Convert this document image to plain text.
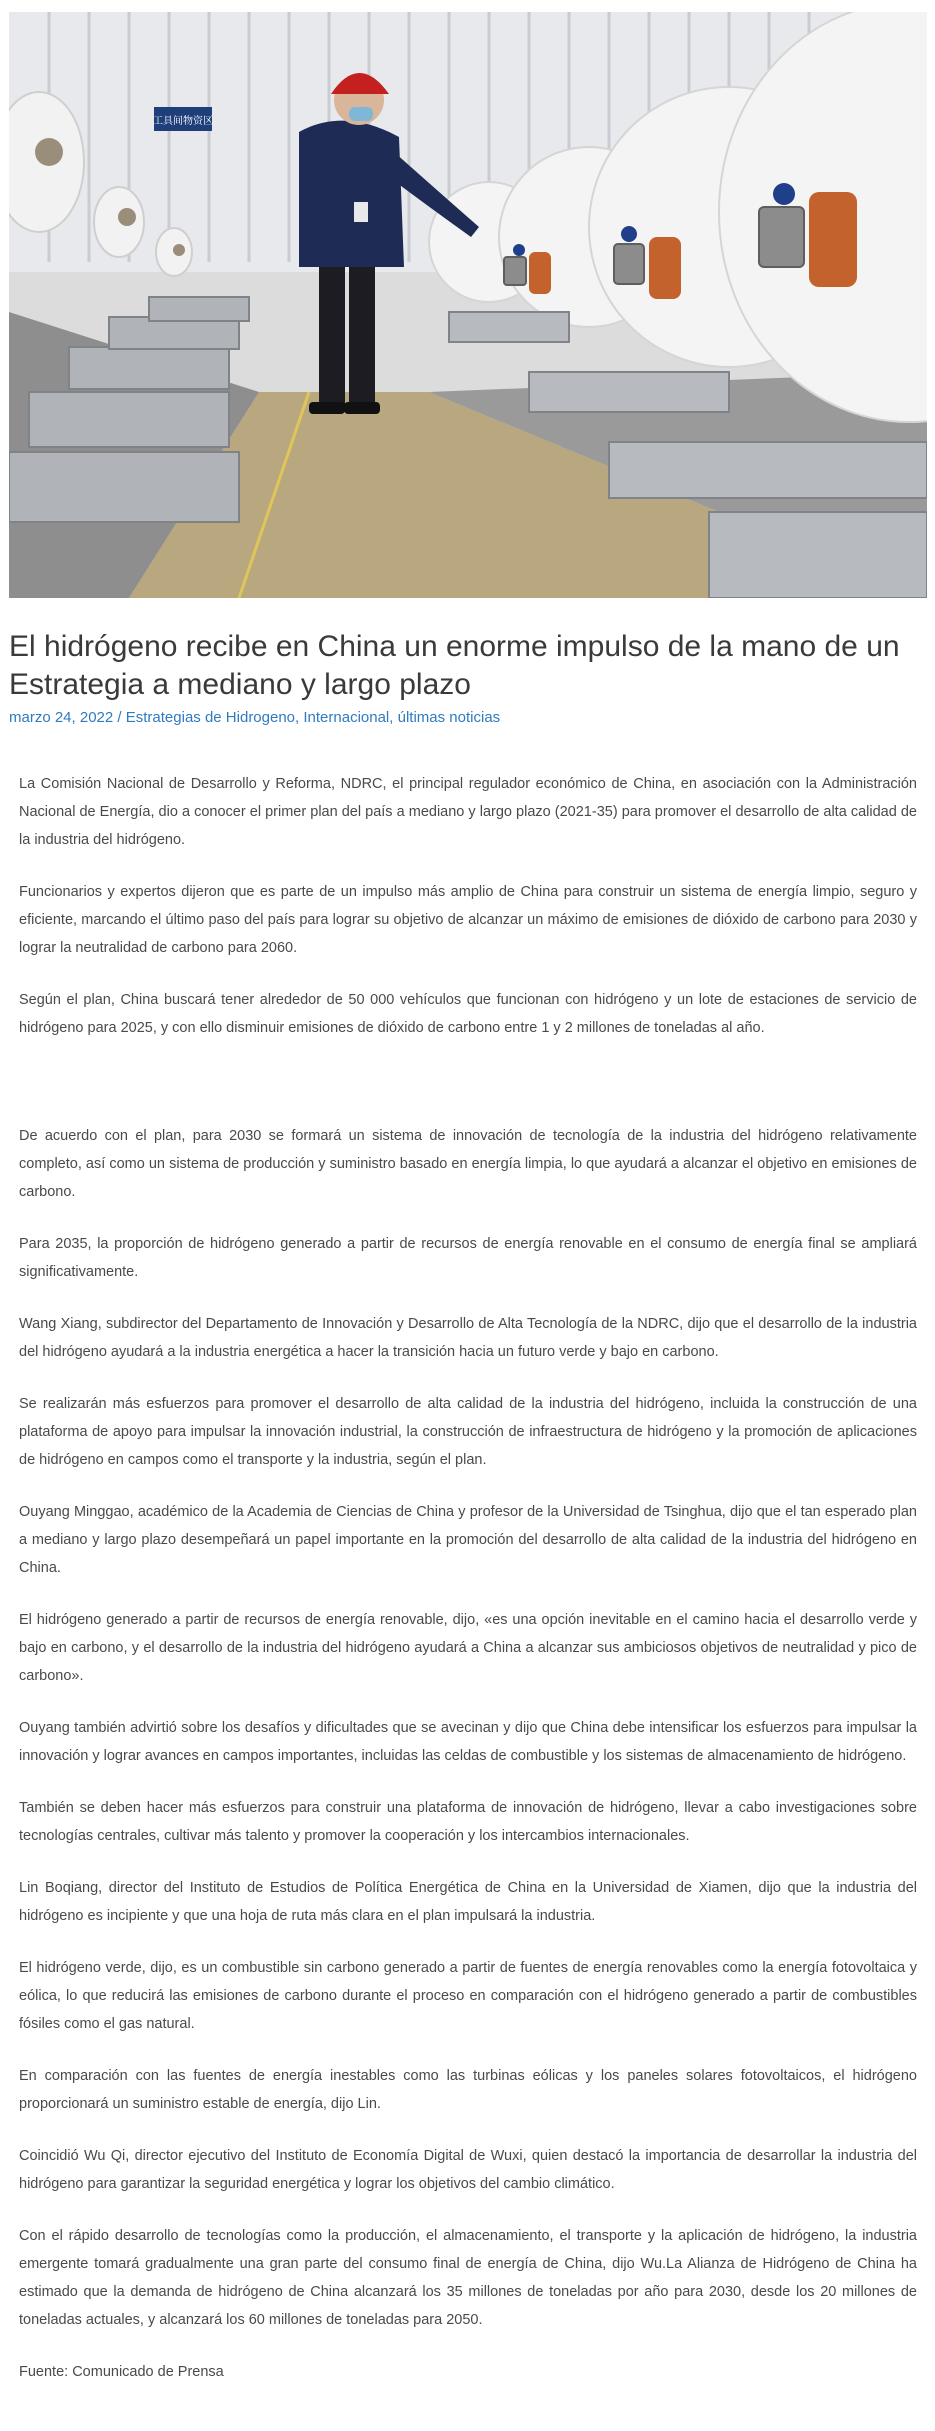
工具间物资区
El hidrógeno recibe en China un enorme impulso de la mano de un Estrategia a mediano y largo plazo
marzo 24, 2022 / Estrategias de Hidrogeno, Internacional, últimas noticias

La Comisión Nacional de Desarrollo y Reforma, NDRC, el principal regulador económico de China, en asociación con la Administración Nacional de Energía, dio a conocer el primer plan del país a mediano y largo plazo (2021-35) para promover el desarrollo de alta calidad de la industria del hidrógeno.

Funcionarios y expertos dijeron que es parte de un impulso más amplio de China para construir un sistema de energía limpio, seguro y eficiente, marcando el último paso del país para lograr su objetivo de alcanzar un máximo de emisiones de dióxido de carbono para 2030 y lograr la neutralidad de carbono para 2060.

Según el plan, China buscará tener alrededor de 50 000 vehículos que funcionan con hidrógeno y un lote de estaciones de servicio de hidrógeno para 2025, y con ello disminuir emisiones de dióxido de carbono entre 1 y 2 millones de toneladas al año.

De acuerdo con el plan, para 2030 se formará un sistema de innovación de tecnología de la industria del hidrógeno relativamente completo, así como un sistema de producción y suministro basado en energía limpia, lo que ayudará a alcanzar el objetivo en emisiones de carbono.

Para 2035, la proporción de hidrógeno generado a partir de recursos de energía renovable en el consumo de energía final se ampliará significativamente.

Wang Xiang, subdirector del Departamento de Innovación y Desarrollo de Alta Tecnología de la NDRC, dijo que el desarrollo de la industria del hidrógeno ayudará a la industria energética a hacer la transición hacia un futuro verde y bajo en carbono.

Se realizarán más esfuerzos para promover el desarrollo de alta calidad de la industria del hidrógeno, incluida la construcción de una plataforma de apoyo para impulsar la innovación industrial, la construcción de infraestructura de hidrógeno y la promoción de aplicaciones de hidrógeno en campos como el transporte y la industria, según el plan.

Ouyang Minggao, académico de la Academia de Ciencias de China y profesor de la Universidad de Tsinghua, dijo que el tan esperado plan a mediano y largo plazo desempeñará un papel importante en la promoción del desarrollo de alta calidad de la industria del hidrógeno en China.

El hidrógeno generado a partir de recursos de energía renovable, dijo, «es una opción inevitable en el camino hacia el desarrollo verde y bajo en carbono, y el desarrollo de la industria del hidrógeno ayudará a China a alcanzar sus ambiciosos objetivos de neutralidad y pico de carbono».

Ouyang también advirtió sobre los desafíos y dificultades que se avecinan y dijo que China debe intensificar los esfuerzos para impulsar la innovación y lograr avances en campos importantes, incluidas las celdas de combustible y los sistemas de almacenamiento de hidrógeno.

También se deben hacer más esfuerzos para construir una plataforma de innovación de hidrógeno, llevar a cabo investigaciones sobre tecnologías centrales, cultivar más talento y promover la cooperación y los intercambios internacionales.

Lin Boqiang, director del Instituto de Estudios de Política Energética de China en la Universidad de Xiamen, dijo que la industria del hidrógeno es incipiente y que una hoja de ruta más clara en el plan impulsará la industria.

El hidrógeno verde, dijo, es un combustible sin carbono generado a partir de fuentes de energía renovables como la energía fotovoltaica y eólica, lo que reducirá las emisiones de carbono durante el proceso en comparación con el hidrógeno generado a partir de combustibles fósiles como el gas natural.

En comparación con las fuentes de energía inestables como las turbinas eólicas y los paneles solares fotovoltaicos, el hidrógeno proporcionará un suministro estable de energía, dijo Lin.

Coincidió Wu Qi, director ejecutivo del Instituto de Economía Digital de Wuxi, quien destacó la importancia de desarrollar la industria del hidrógeno para garantizar la seguridad energética y lograr los objetivos del cambio climático.

Con el rápido desarrollo de tecnologías como la producción, el almacenamiento, el transporte y la aplicación de hidrógeno, la industria emergente tomará gradualmente una gran parte del consumo final de energía de China, dijo Wu.La Alianza de Hidrógeno de China ha estimado que la demanda de hidrógeno de China alcanzará los 35 millones de toneladas por año para 2030, desde los 20 millones de toneladas actuales, y alcanzará los 60 millones de toneladas para 2050.

Fuente: Comunicado de Prensa
